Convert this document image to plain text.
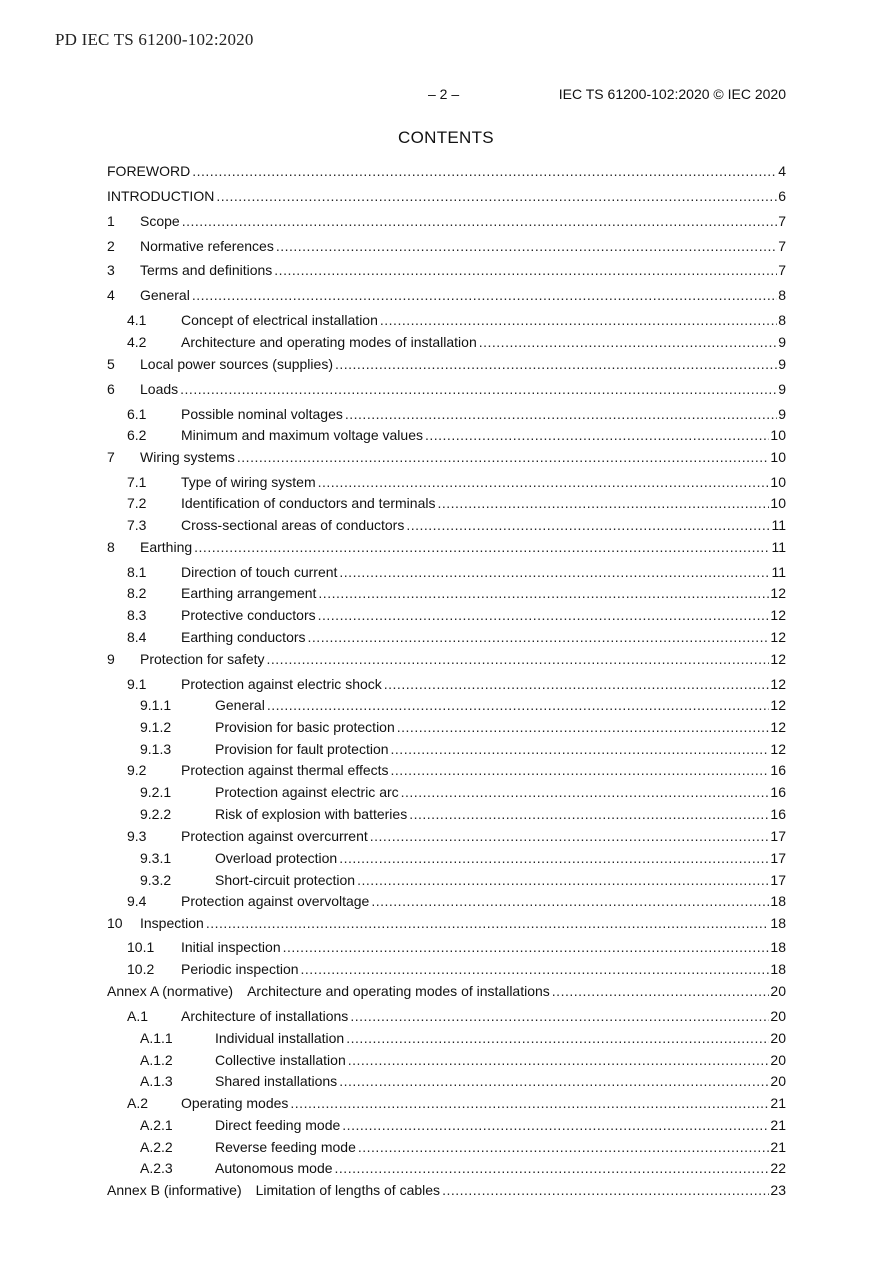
PD IEC TS 61200-102:2020
– 2 –	IEC TS 61200-102:2020 © IEC 2020
CONTENTS
FOREWORD .....	4
INTRODUCTION .....	6
1	Scope .....	7
2	Normative references .....	7
3	Terms and definitions .....	7
4	General .....	8
4.1	Concept of electrical installation .....	8
4.2	Architecture and operating modes of installation .....	9
5	Local power sources (supplies) .....	9
6	Loads .....	9
6.1	Possible nominal voltages .....	9
6.2	Minimum and maximum voltage values .....	10
7	Wiring systems .....	10
7.1	Type of wiring system .....	10
7.2	Identification of conductors and terminals .....	10
7.3	Cross-sectional areas of conductors .....	11
8	Earthing .....	11
8.1	Direction of touch current .....	11
8.2	Earthing arrangement .....	12
8.3	Protective conductors .....	12
8.4	Earthing conductors .....	12
9	Protection for safety .....	12
9.1	Protection against electric shock .....	12
9.1.1	General .....	12
9.1.2	Provision for basic protection .....	12
9.1.3	Provision for fault protection .....	12
9.2	Protection against thermal effects .....	16
9.2.1	Protection against electric arc .....	16
9.2.2	Risk of explosion with batteries .....	16
9.3	Protection against overcurrent .....	17
9.3.1	Overload protection .....	17
9.3.2	Short-circuit protection .....	17
9.4	Protection against overvoltage .....	18
10	Inspection .....	18
10.1	Initial inspection .....	18
10.2	Periodic inspection .....	18
Annex A (normative)	Architecture and operating modes of installations .....	20
A.1	Architecture of installations .....	20
A.1.1	Individual installation .....	20
A.1.2	Collective installation .....	20
A.1.3	Shared installations .....	20
A.2	Operating modes .....	21
A.2.1	Direct feeding mode .....	21
A.2.2	Reverse feeding mode .....	21
A.2.3	Autonomous mode .....	22
Annex B (informative)	Limitation of lengths of cables .....	23
